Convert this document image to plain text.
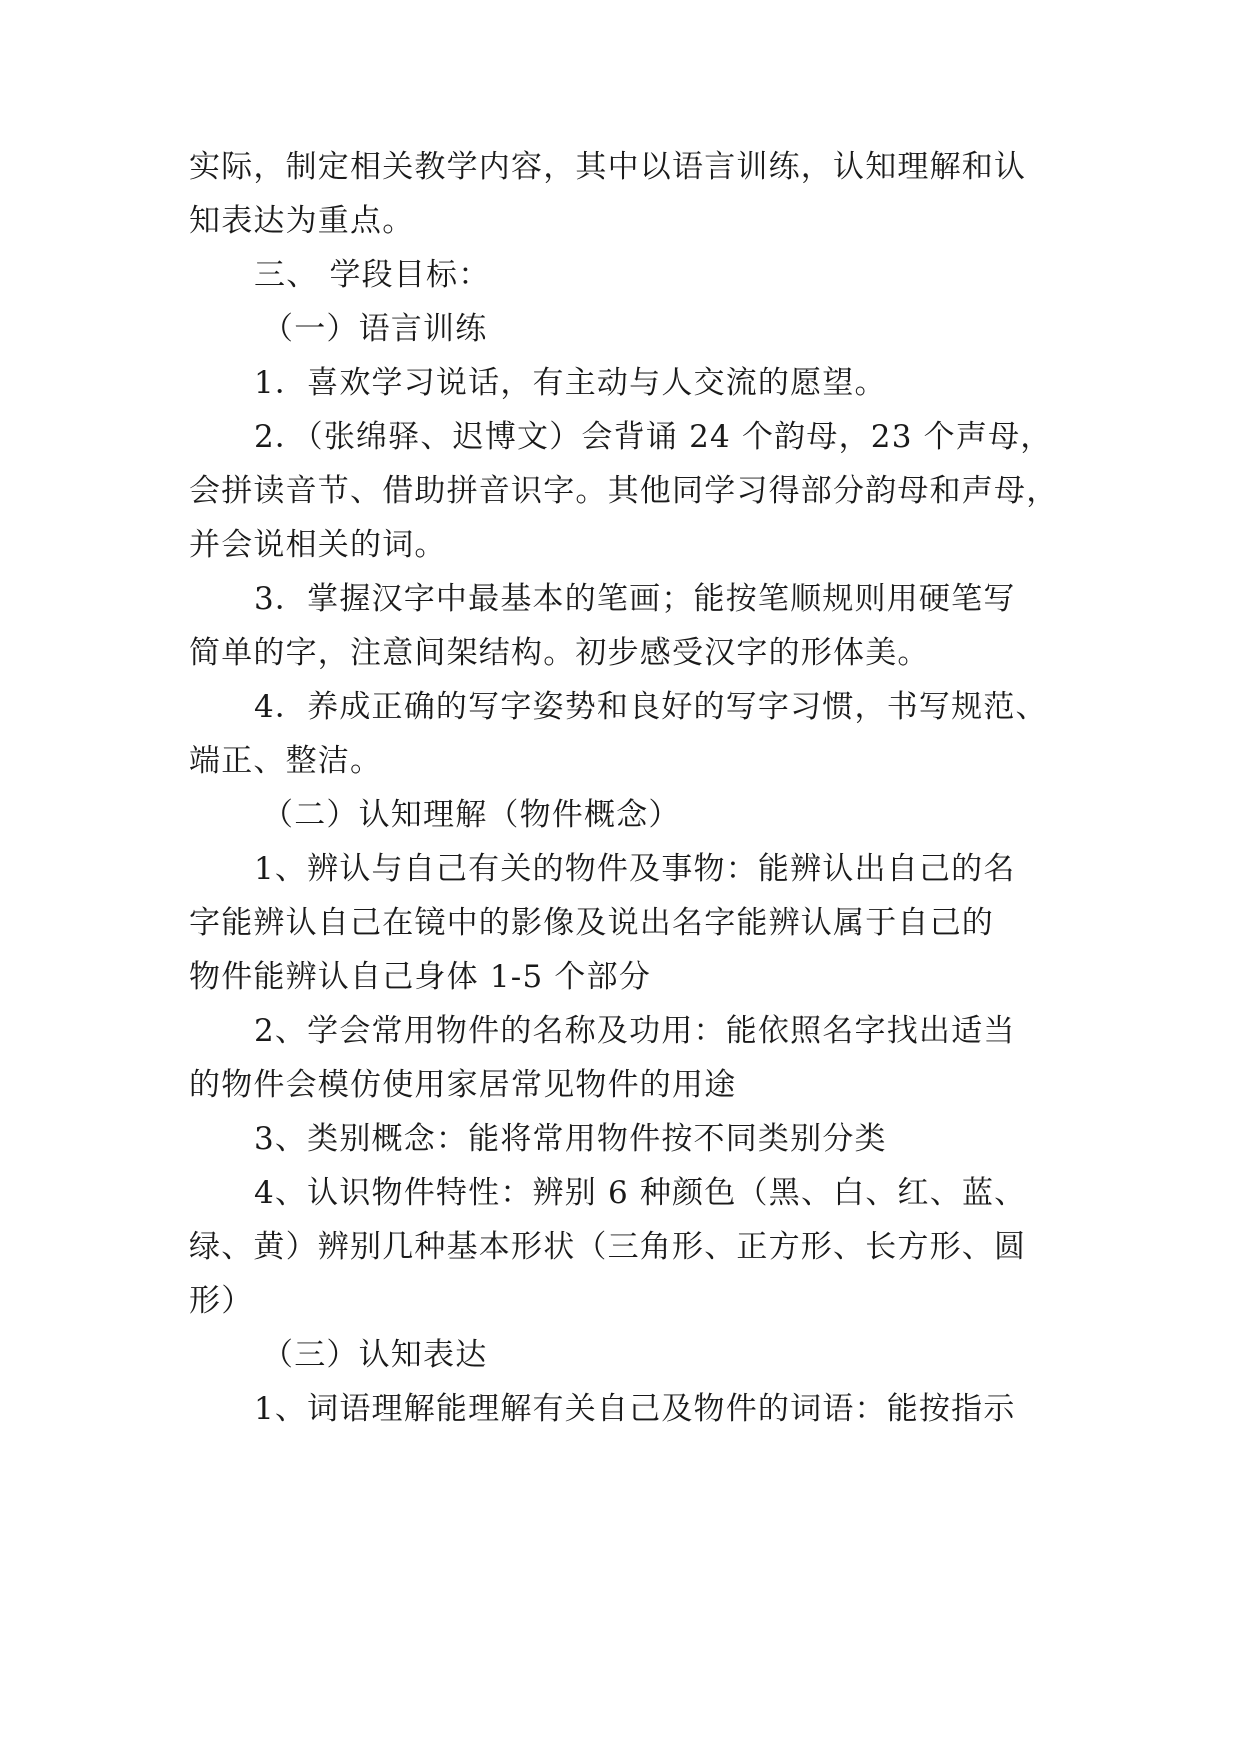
实际，制定相关教学内容，其中以语言训练，认知理解和认
知表达为重点。
三、 学段目标：
（一）语言训练
1．喜欢学习说话，有主动与人交流的愿望。
2．（张绵驿、迟博文）会背诵 24 个韵母，23 个声母，
会拼读音节、借助拼音识字。其他同学习得部分韵母和声母，
并会说相关的词。
3．掌握汉字中最基本的笔画；能按笔顺规则用硬笔写
简单的字，注意间架结构。初步感受汉字的形体美。
4．养成正确的写字姿势和良好的写字习惯，书写规范、
端正、整洁。
（二）认知理解（物件概念）
1、辨认与自己有关的物件及事物：能辨认出自己的名
字能辨认自己在镜中的影像及说出名字能辨认属于自己的
物件能辨认自己身体 1-5 个部分
2、学会常用物件的名称及功用：能依照名字找出适当
的物件会模仿使用家居常见物件的用途
3、类别概念：能将常用物件按不同类别分类
4、认识物件特性：辨别 6 种颜色（黑、白、红、蓝、
绿、黄）辨别几种基本形状（三角形、正方形、长方形、圆
形）
（三）认知表达
1、词语理解能理解有关自己及物件的词语：能按指示
